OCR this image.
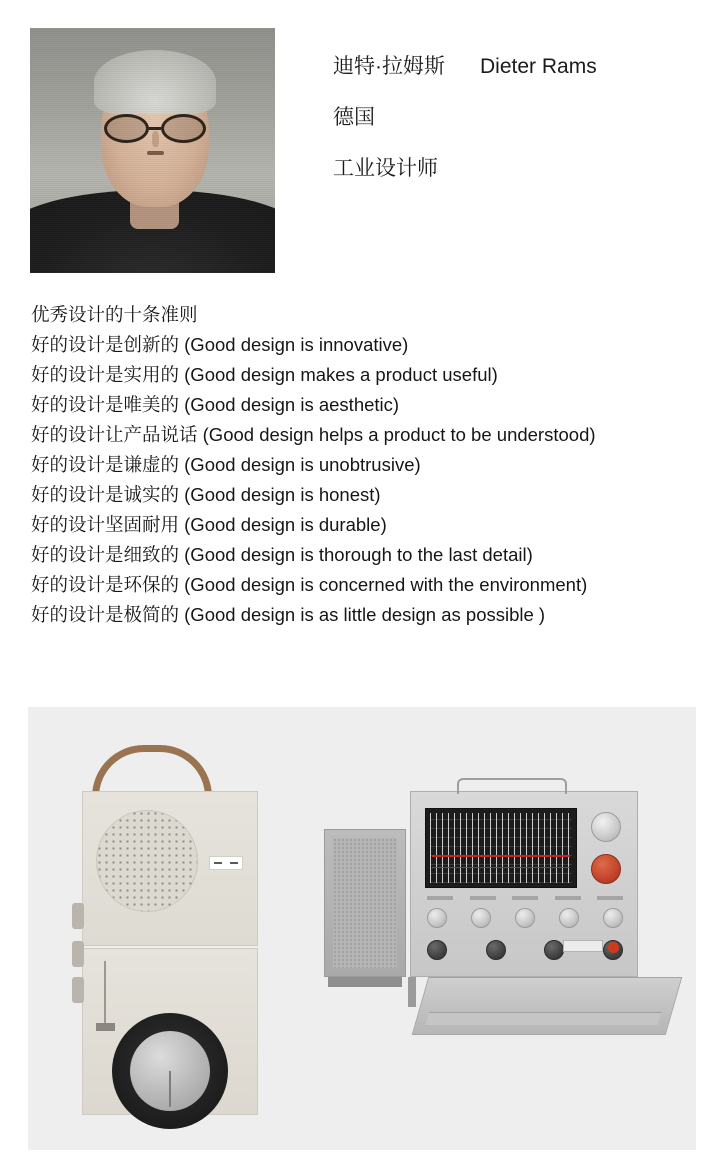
迪特·拉姆斯      Dieter Rams
德国
工业设计师
优秀设计的十条准则
好的设计是创新的 (Good design is innovative)
好的设计是实用的 (Good design makes a product useful)
好的设计是唯美的 (Good design is aesthetic)
好的设计让产品说话 (Good design helps a product to be understood)
好的设计是谦虚的 (Good design is unobtrusive)
好的设计是诚实的 (Good design is honest)
好的设计坚固耐用 (Good design is durable)
好的设计是细致的 (Good design is thorough to the last detail)
好的设计是环保的 (Good design is concerned with the environment)
好的设计是极简的 (Good design is as little design as possible )
